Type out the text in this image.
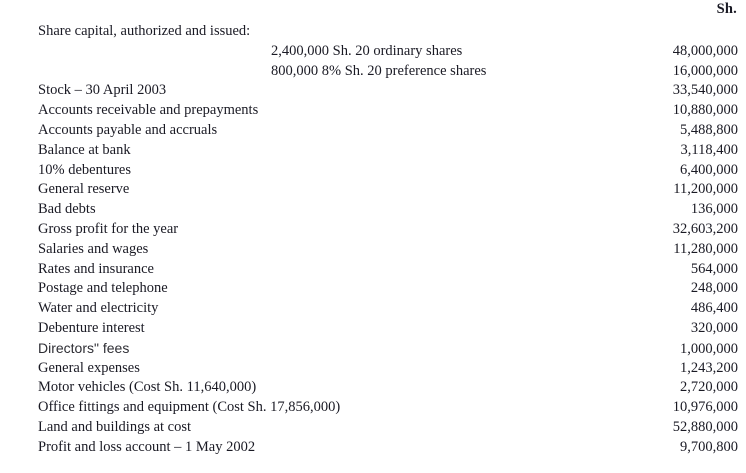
Sh.
Share capital, authorized and issued:
2,400,000 Sh. 20 ordinary shares	48,000,000
800,000 8% Sh. 20 preference shares	16,000,000
Stock – 30 April 2003	33,540,000
Accounts receivable and prepayments	10,880,000
Accounts payable and accruals	5,488,800
Balance at bank	3,118,400
10% debentures	6,400,000
General reserve	11,200,000
Bad debts	136,000
Gross profit for the year	32,603,200
Salaries and wages	11,280,000
Rates and insurance	564,000
Postage and telephone	248,000
Water and electricity	486,400
Debenture interest	320,000
Directors" fees	1,000,000
General expenses	1,243,200
Motor vehicles (Cost Sh. 11,640,000)	2,720,000
Office fittings and equipment (Cost Sh. 17,856,000)	10,976,000
Land and buildings at cost	52,880,000
Profit and loss account – 1 May 2002	9,700,800
